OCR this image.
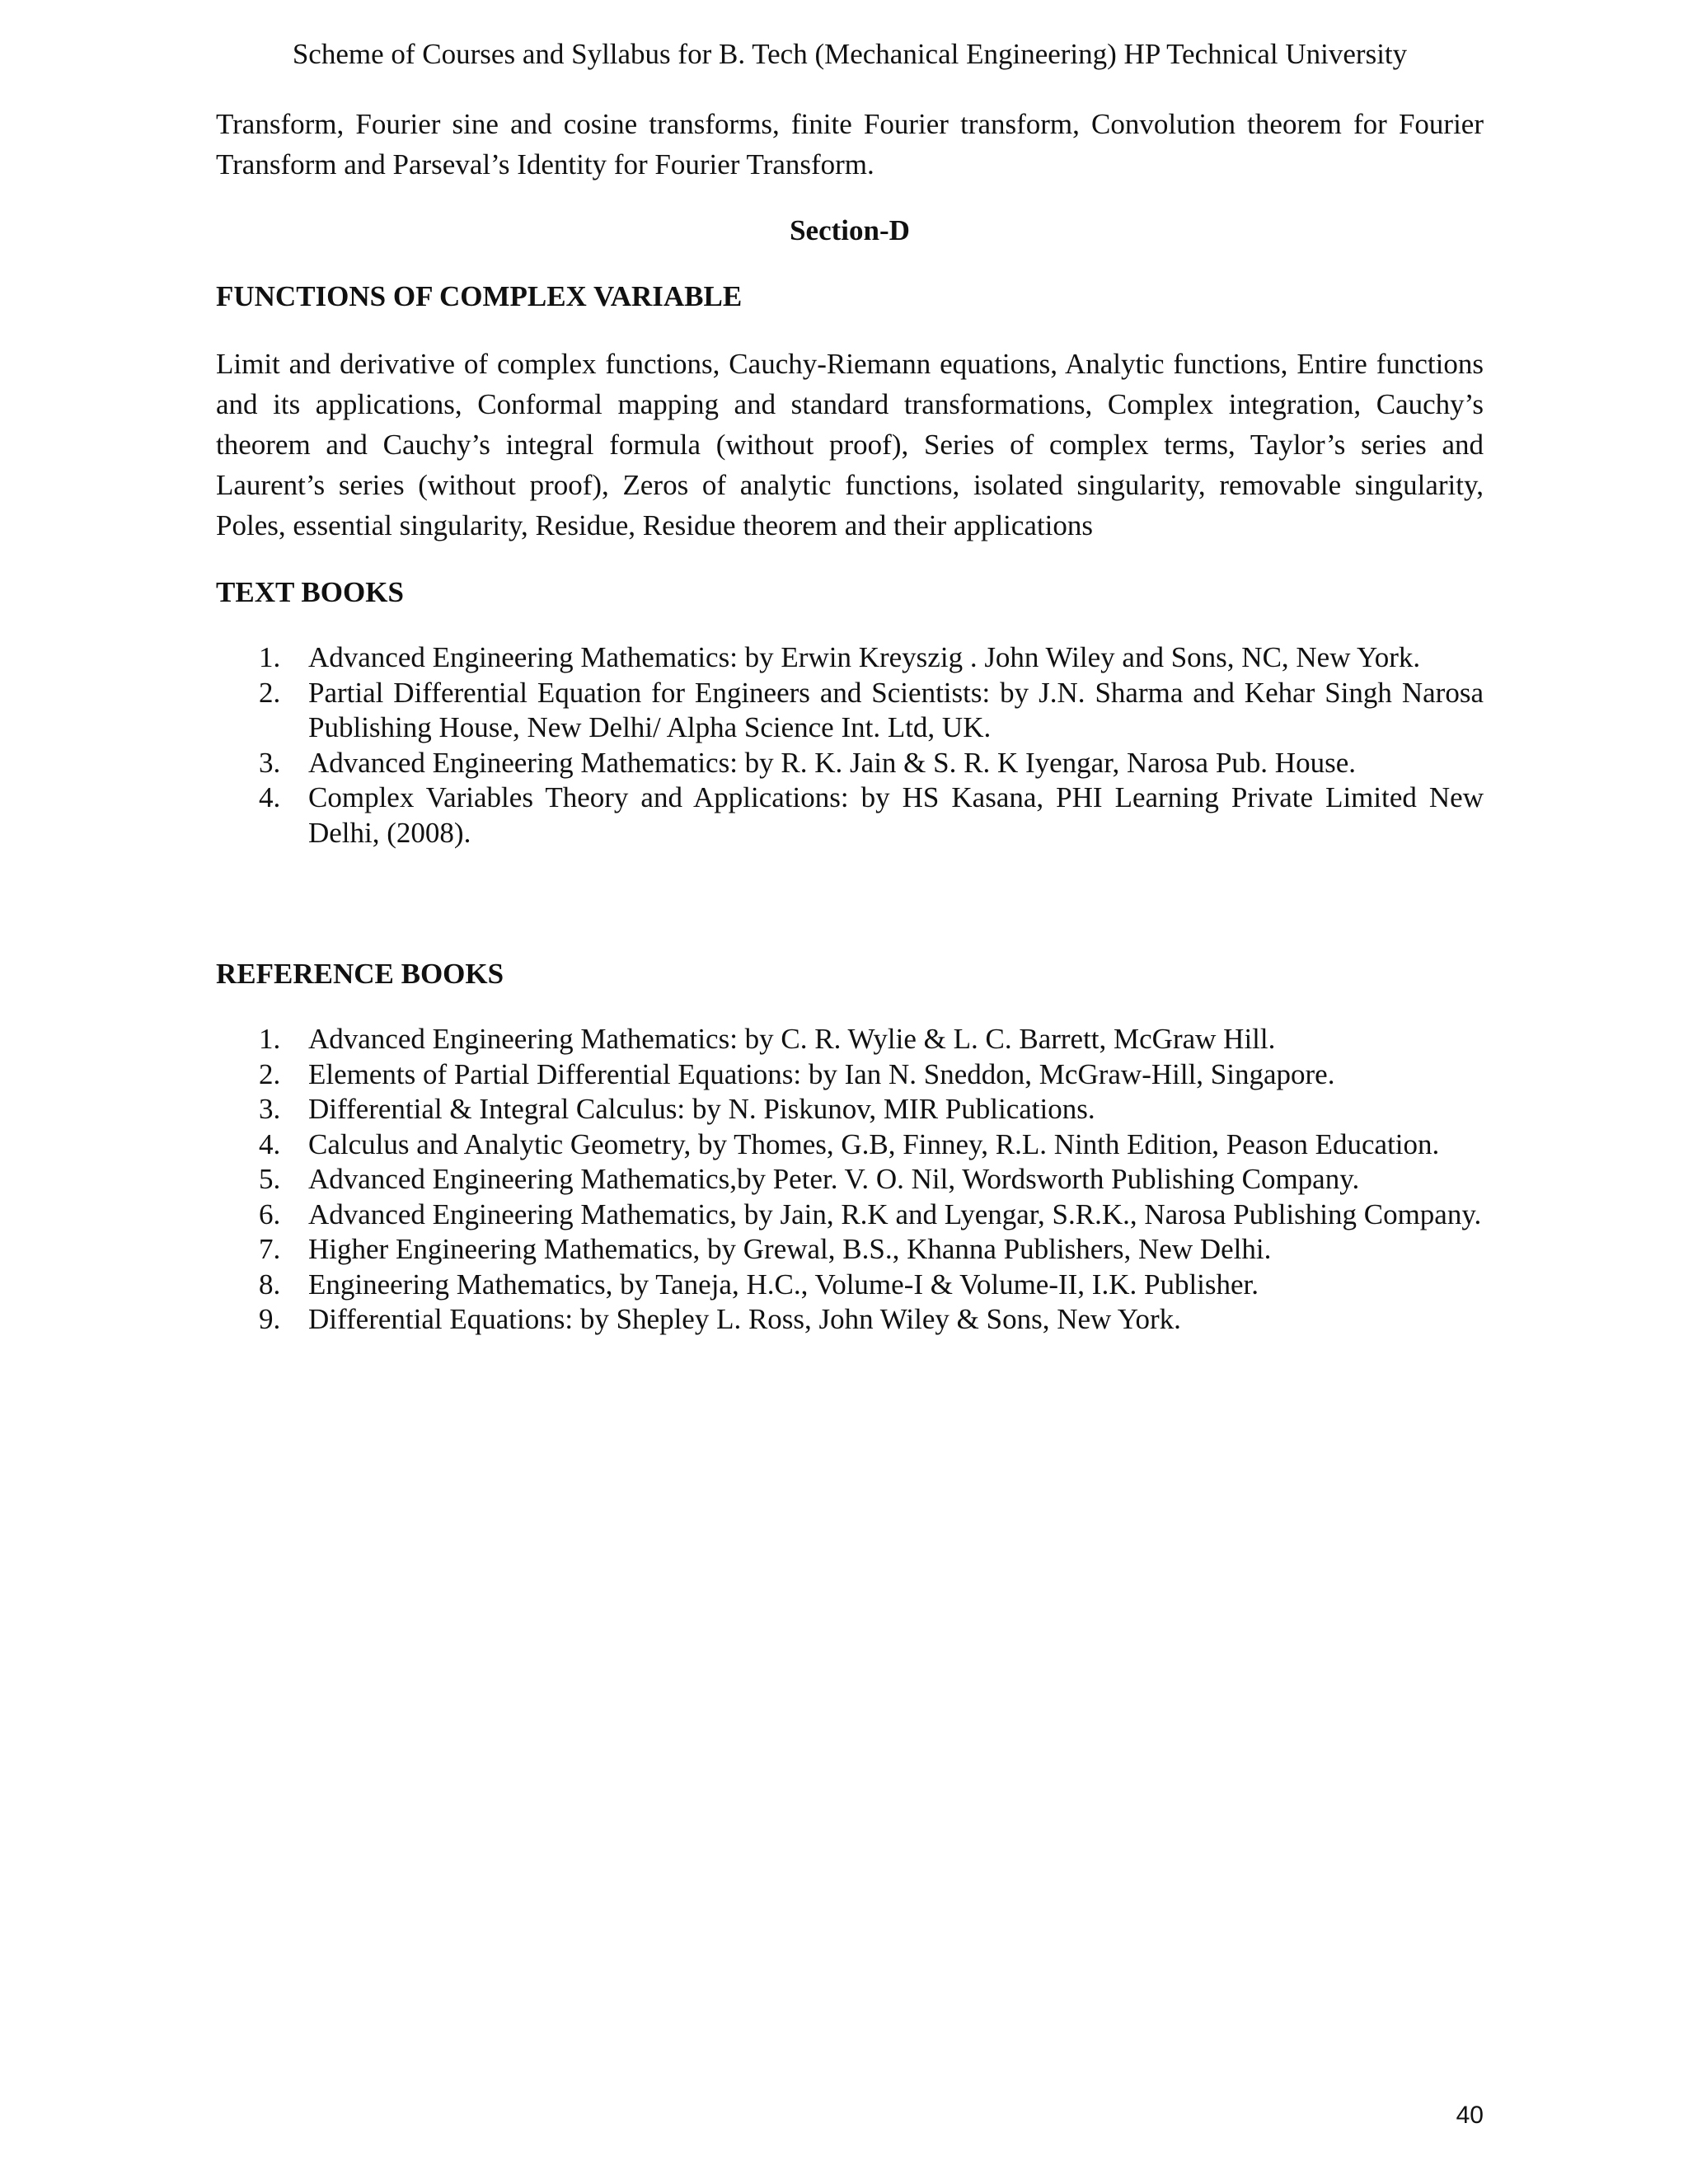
Scheme of Courses and Syllabus for B. Tech (Mechanical Engineering) HP Technical University

Transform, Fourier sine and cosine transforms, finite Fourier transform, Convolution theorem for Fourier Transform and Parseval’s Identity for Fourier Transform.

Section-D
FUNCTIONS OF COMPLEX VARIABLE

Limit and derivative of complex functions, Cauchy-Riemann equations, Analytic functions, Entire functions and its applications, Conformal mapping and standard transformations, Complex integration, Cauchy’s theorem and Cauchy’s integral formula (without proof), Series of complex terms, Taylor’s series and Laurent’s series (without proof), Zeros of analytic functions, isolated singularity, removable singularity, Poles, essential singularity, Residue, Residue theorem and their applications

TEXT BOOKS
1. Advanced Engineering Mathematics: by Erwin Kreyszig . John Wiley and Sons, NC, New York.
2. Partial Differential Equation for Engineers and Scientists: by J.N. Sharma and Kehar Singh Narosa Publishing House, New Delhi/ Alpha Science Int. Ltd, UK.
3. Advanced Engineering Mathematics: by R. K. Jain & S. R. K Iyengar, Narosa Pub. House.
4. Complex Variables Theory and Applications: by HS Kasana, PHI Learning Private Limited New Delhi, (2008).
REFERENCE BOOKS
1. Advanced Engineering Mathematics: by C. R. Wylie & L. C. Barrett, McGraw Hill.
2. Elements of Partial Differential Equations: by Ian N. Sneddon, McGraw-Hill, Singapore.
3. Differential & Integral Calculus: by N. Piskunov, MIR Publications.
4. Calculus and Analytic Geometry, by Thomes, G.B, Finney, R.L. Ninth Edition, Peason Education.
5. Advanced Engineering Mathematics,by Peter. V. O. Nil, Wordsworth Publishing Company.
6. Advanced Engineering Mathematics, by Jain, R.K and Lyengar, S.R.K., Narosa Publishing Company.
7. Higher Engineering Mathematics, by Grewal, B.S., Khanna Publishers, New Delhi.
8. Engineering Mathematics, by Taneja, H.C., Volume-I & Volume-II, I.K. Publisher.
9. Differential Equations: by Shepley L. Ross, John Wiley & Sons, New York.
40
